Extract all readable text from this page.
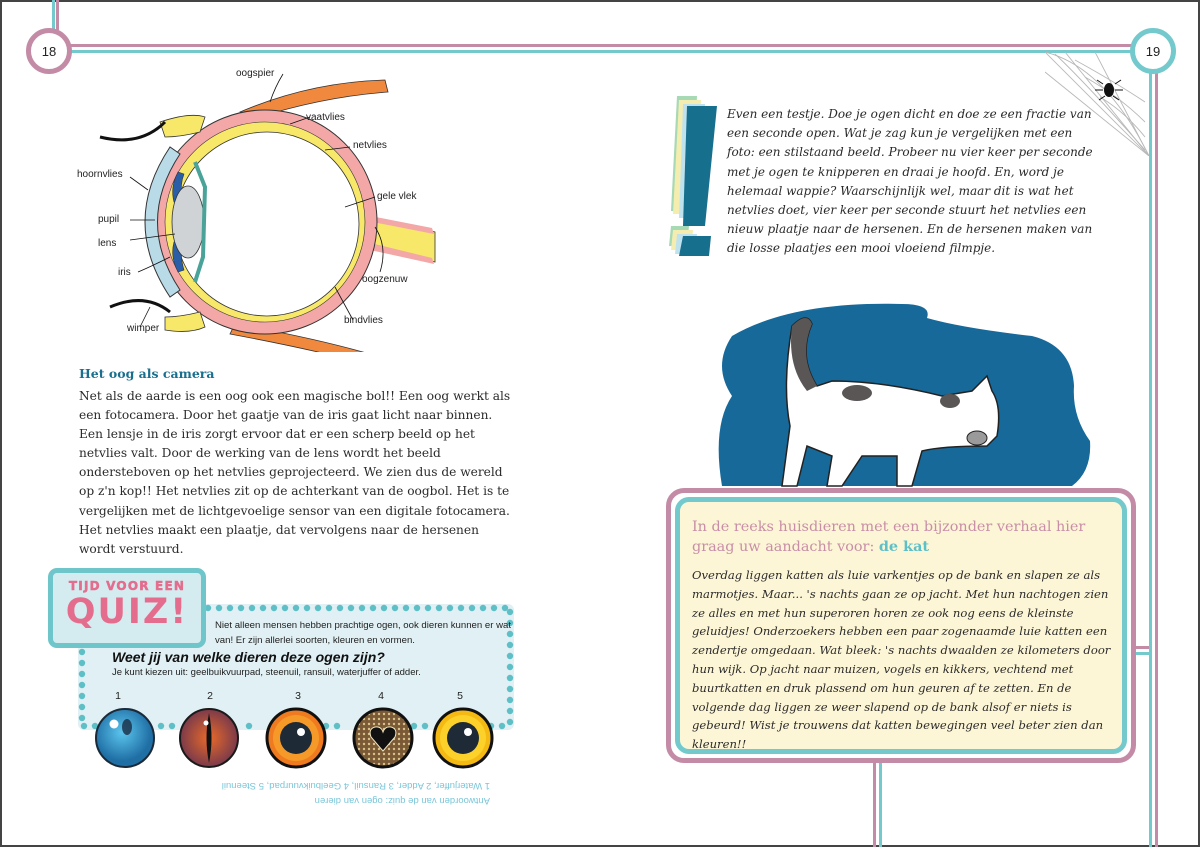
18	19
oogspier
vaatvlies
netvlies
hoornvlies
gele vlek
pupil
lens
iris
oogzenuw
bindvlies
wimper
Het oog als camera
Net als de aarde is een oog ook een magische bol!! Een oog werkt als een fotocamera. Door het gaatje van de iris gaat licht naar binnen. Een lensje in de iris zorgt ervoor dat er een scherp beeld op het netvlies valt. Door de werking van de lens wordt het beeld ondersteboven op het netvlies geprojecteerd. We zien dus de wereld op z'n kop!! Het netvlies zit op de achterkant van de oogbol. Het is te vergelijken met de lichtgevoelige sensor van een digitale fotocamera. Het netvlies maakt een plaatje, dat vervolgens naar de hersenen wordt verstuurd.
TIJD VOOR EEN
QUIZ!	Niet alleen mensen hebben prachtige ogen, ook dieren kunnen er wat van! Er zijn allerlei soorten, kleuren en vormen.
Weet jij van welke dieren deze ogen zijn?
Je kunt kiezen uit: geelbuikvuurpad, steenuil, ransuil, waterjuffer of adder.
1	2	3	4	5
Antwoorden van de quiz: ogen van dieren
1 Waterjuffer, 2 Adder, 3 Ransuil, 4 Geelbuikvuurpad, 5 Steenuil
Even een testje. Doe je ogen dicht en doe ze een fractie van een seconde open. Wat je zag kun je vergelijken met een foto: een stilstaand beeld. Probeer nu vier keer per seconde met je ogen te knipperen en draai je hoofd. En, word je helemaal wappie? Waarschijnlijk wel, maar dit is wat het netvlies doet, vier keer per seconde stuurt het netvlies een nieuw plaatje naar de hersenen. En de hersenen maken van die losse plaatjes een mooi vloeiend filmpje.
In de reeks huisdieren met een bijzonder verhaal hier graag uw aandacht voor: de kat
Overdag liggen katten als luie varkentjes op de bank en slapen ze als marmotjes. Maar... 's nachts gaan ze op jacht. Met hun nachtogen zien ze alles en met hun superoren horen ze ook nog eens de kleinste geluidjes! Onderzoekers hebben een paar zogenaamde luie katten een zendertje omgedaan. Wat bleek: 's nachts dwaalden ze kilometers door hun wijk. Op jacht naar muizen, vogels en kikkers, vechtend met buurtkatten en druk plassend om hun geuren af te zetten. En de volgende dag liggen ze weer slapend op de bank alsof er niets is gebeurd! Wist je trouwens dat katten bewegingen veel beter zien dan kleuren!!
